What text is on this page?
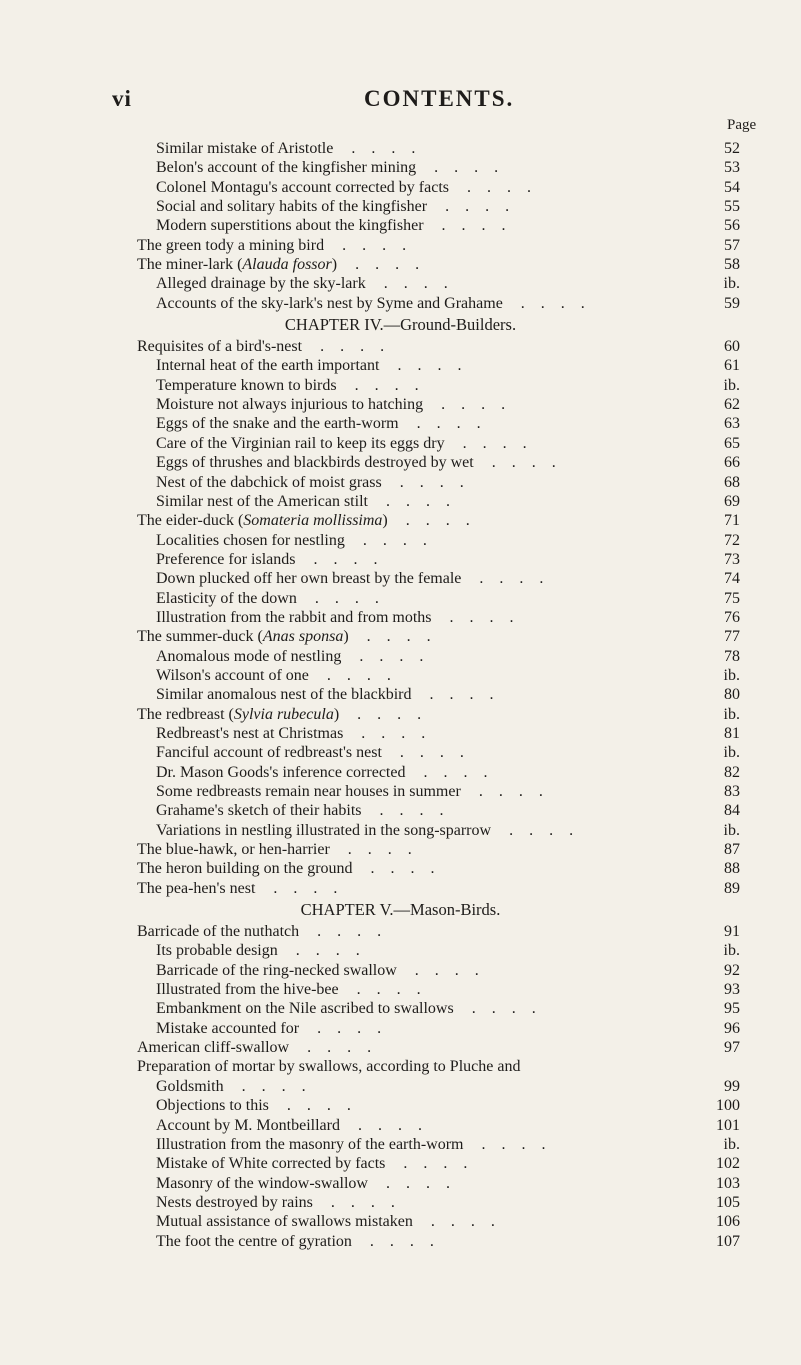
vi	CONTENTS.
Page
Similar mistake of Aristotle . . . .	52
Belon's account of the kingfisher mining . . . .	53
Colonel Montagu's account corrected by facts . . . .	54
Social and solitary habits of the kingfisher . . . .	55
Modern superstitions about the kingfisher . . . .	56
The green tody a mining bird . . . .	57
The miner-lark (Alauda fossor) . . . .	58
Alleged drainage by the sky-lark . . . .	ib.
Accounts of the sky-lark's nest by Syme and Grahame . . . .	59
CHAPTER IV.—Ground-Builders.
Requisites of a bird's-nest . . . .	60
Internal heat of the earth important . . . .	61
Temperature known to birds . . . .	ib.
Moisture not always injurious to hatching . . . .	62
Eggs of the snake and the earth-worm . . . .	63
Care of the Virginian rail to keep its eggs dry . . . .	65
Eggs of thrushes and blackbirds destroyed by wet . . . .	66
Nest of the dabchick of moist grass . . . .	68
Similar nest of the American stilt . . . .	69
The eider-duck (Somateria mollissima) . . . .	71
Localities chosen for nestling . . . .	72
Preference for islands . . . .	73
Down plucked off her own breast by the female . . . .	74
Elasticity of the down . . . .	75
Illustration from the rabbit and from moths . . . .	76
The summer-duck (Anas sponsa) . . . .	77
Anomalous mode of nestling . . . .	78
Wilson's account of one . . . .	ib.
Similar anomalous nest of the blackbird . . . .	80
The redbreast (Sylvia rubecula) . . . .	ib.
Redbreast's nest at Christmas . . . .	81
Fanciful account of redbreast's nest . . . .	ib.
Dr. Mason Goods's inference corrected . . . .	82
Some redbreasts remain near houses in summer . . . .	83
Grahame's sketch of their habits . . . .	84
Variations in nestling illustrated in the song-sparrow . . . .	ib.
The blue-hawk, or hen-harrier . . . .	87
The heron building on the ground . . . .	88
The pea-hen's nest . . . .	89
CHAPTER V.—Mason-Birds.
Barricade of the nuthatch . . . .	91
Its probable design . . . .	ib.
Barricade of the ring-necked swallow . . . .	92
Illustrated from the hive-bee . . . .	93
Embankment on the Nile ascribed to swallows . . . .	95
Mistake accounted for . . . .	96
American cliff-swallow . . . .	97
Preparation of mortar by swallows, according to Pluche and
Goldsmith . . . .	99
Objections to this . . . .	100
Account by M. Montbeillard . . . .	101
Illustration from the masonry of the earth-worm . . . .	ib.
Mistake of White corrected by facts . . . .	102
Masonry of the window-swallow . . . .	103
Nests destroyed by rains . . . .	105
Mutual assistance of swallows mistaken . . . .	106
The foot the centre of gyration . . . .	107
